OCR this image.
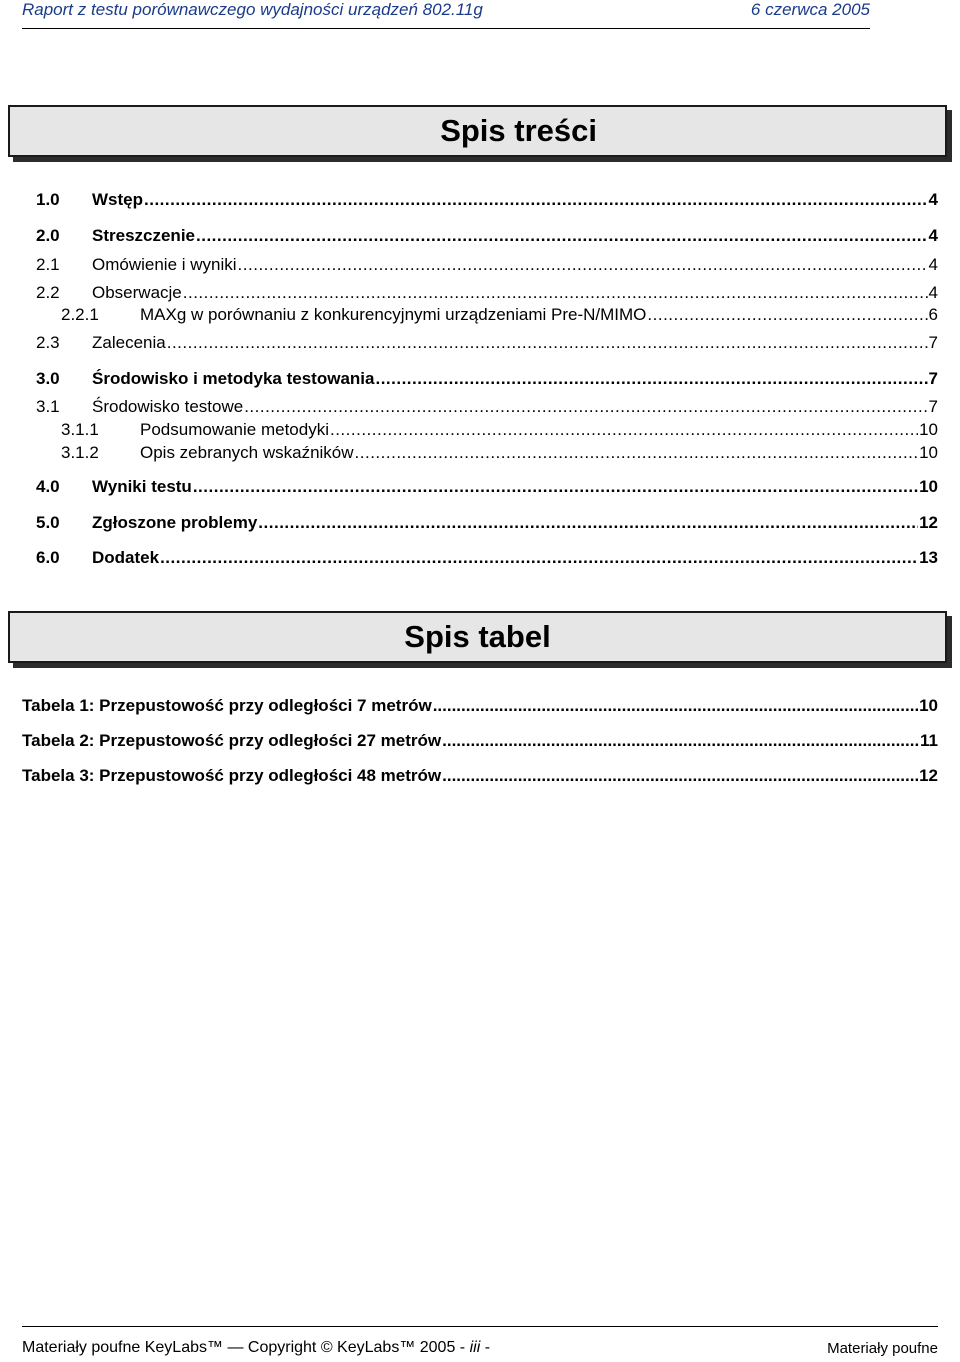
Raport z testu porównawczego wydajności urządzeń 802.11g	6 czerwca 2005
Spis treści
1.0	Wstęp .....	4
2.0	Streszczenie .....	4
2.1	Omówienie i wyniki .....	4
2.2	Obserwacje .....	4
2.2.1	MAXg w porównaniu z konkurencyjnymi urządzeniami Pre-N/MIMO .....	6
2.3	Zalecenia .....	7
3.0	Środowisko i metodyka testowania .....	7
3.1	Środowisko testowe .....	7
3.1.1	Podsumowanie metodyki .....	10
3.1.2	Opis zebranych wskaźników .....	10
4.0	Wyniki testu .....	10
5.0	Zgłoszone problemy .....	12
6.0	Dodatek .....	13
Spis tabel
Tabela 1: Przepustowość przy odległości 7 metrów .....	10
Tabela 2: Przepustowość przy odległości 27 metrów .....	11
Tabela 3: Przepustowość przy odległości 48 metrów .....	12
Materiały poufne KeyLabs™ — Copyright © KeyLabs™ 2005 - iii -	Materiały poufne
